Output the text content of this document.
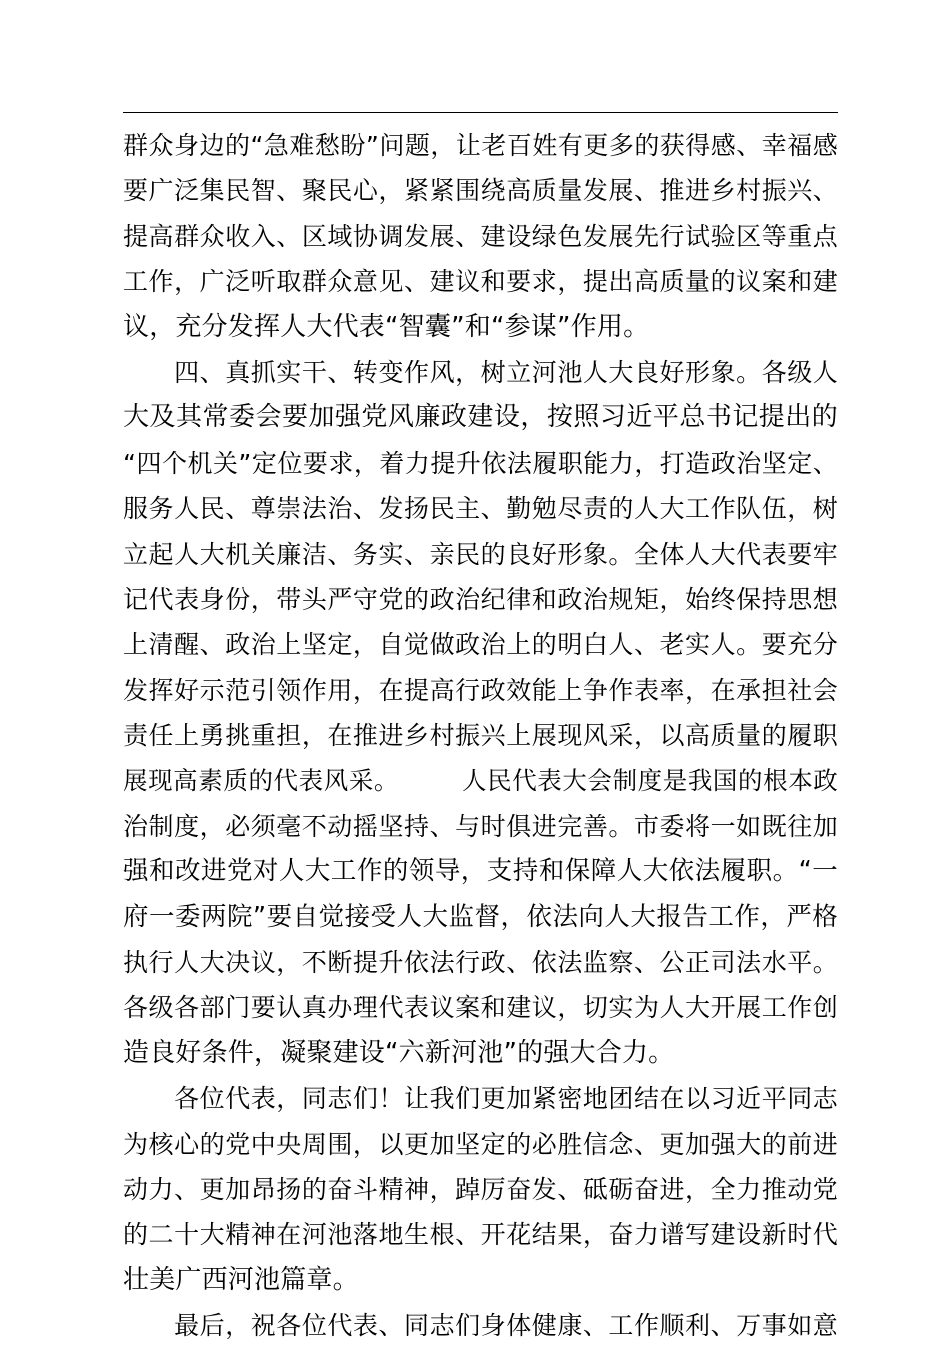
群众身边的“急难愁盼”问题，让老百姓有更多的获得感、幸福感
要广泛集民智、聚民心，紧紧围绕高质量发展、推进乡村振兴、
提高群众收入、区域协调发展、建设绿色发展先行试验区等重点
工作，广泛听取群众意见、建议和要求，提出高质量的议案和建
议，充分发挥人大代表“智囊”和“参谋”作用。
　　四、真抓实干、转变作风，树立河池人大良好形象。各级人
大及其常委会要加强党风廉政建设，按照习近平总书记提出的
“四个机关”定位要求，着力提升依法履职能力，打造政治坚定、
服务人民、尊崇法治、发扬民主、勤勉尽责的人大工作队伍，树
立起人大机关廉洁、务实、亲民的良好形象。全体人大代表要牢
记代表身份，带头严守党的政治纪律和政治规矩，始终保持思想
上清醒、政治上坚定，自觉做政治上的明白人、老实人。要充分
发挥好示范引领作用，在提高行政效能上争作表率，在承担社会
责任上勇挑重担，在推进乡村振兴上展现风采，以高质量的履职
展现高素质的代表风采。　　　人民代表大会制度是我国的根本政
治制度，必须毫不动摇坚持、与时俱进完善。市委将一如既往加
强和改进党对人大工作的领导，支持和保障人大依法履职。“一
府一委两院”要自觉接受人大监督，依法向人大报告工作，严格
执行人大决议，不断提升依法行政、依法监察、公正司法水平。
各级各部门要认真办理代表议案和建议，切实为人大开展工作创
造良好条件，凝聚建设“六新河池”的强大合力。
　　各位代表，同志们！让我们更加紧密地团结在以习近平同志
为核心的党中央周围，以更加坚定的必胜信念、更加强大的前进
动力、更加昂扬的奋斗精神，踔厉奋发、砥砺奋进，全力推动党
的二十大精神在河池落地生根、开花结果，奋力谱写建设新时代
壮美广西河池篇章。
　　最后，祝各位代表、同志们身体健康、工作顺利、万事如意
